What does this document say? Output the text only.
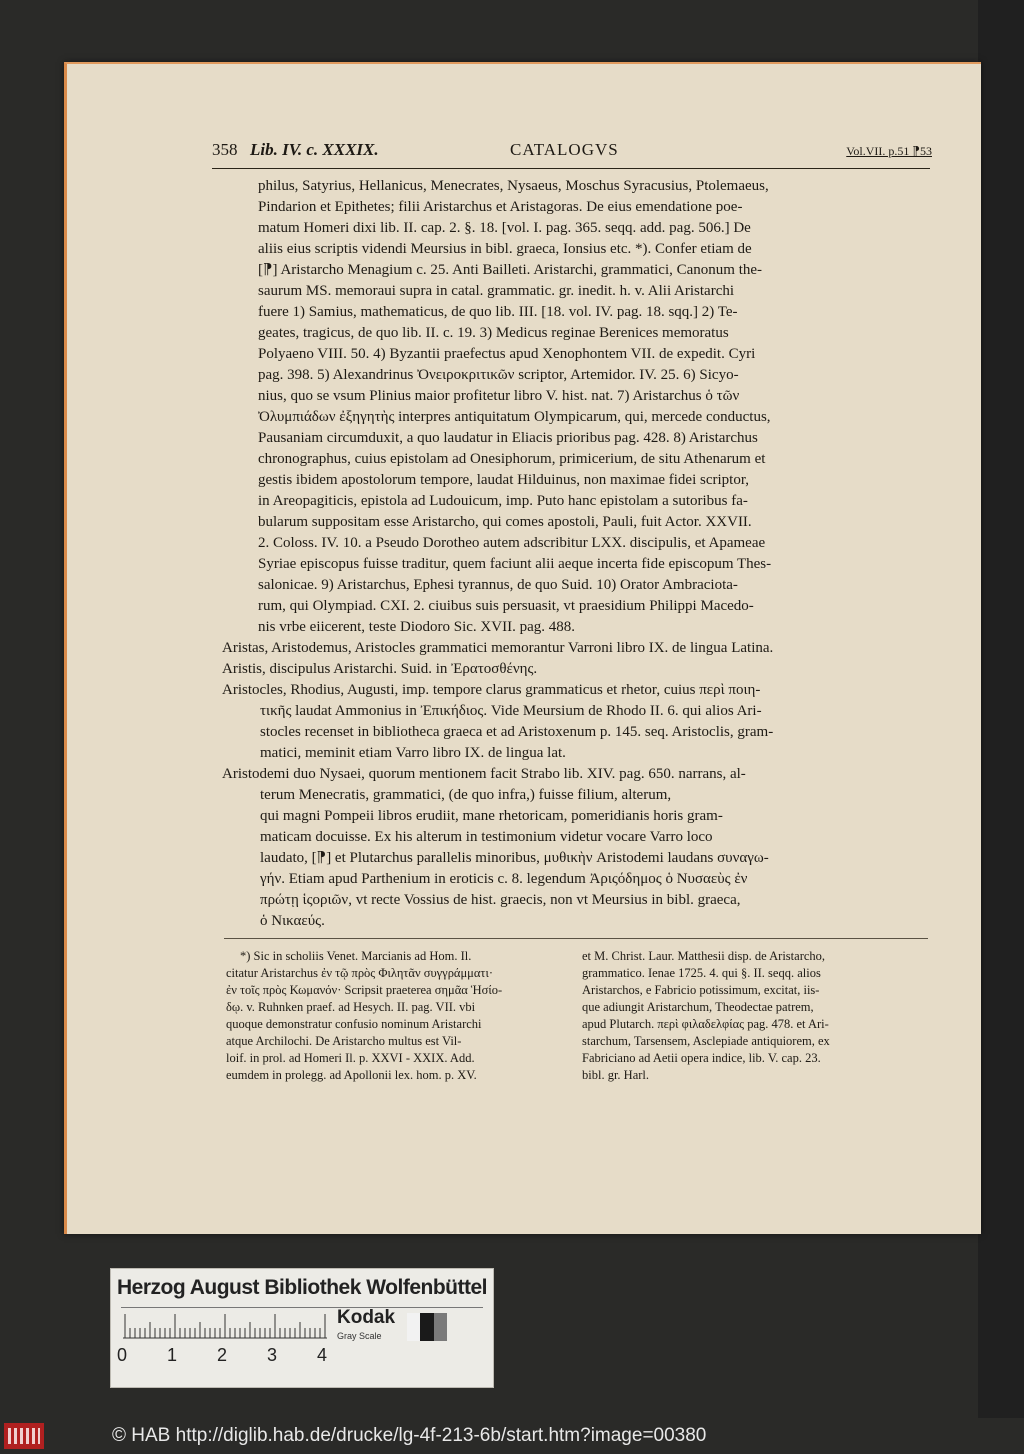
358 Lib. IV. c. XXXIX.	CATALOGVS	Vol.VII. p.51 ⁋53
philus, Satyrius, Hellanicus, Menecrates, Nysaeus, Moschus Syracusius, Ptolemaeus,
Pindarion et Epithetes; filii Aristarchus et Aristagoras. De eius emendatione poe-
matum Homeri dixi lib. II. cap. 2. §. 18. [vol. I. pag. 365. seqq. add. pag. 506.] De
aliis eius scriptis videndi Meursius in bibl. graeca, Ionsius etc. *). Confer etiam de
[⁋] Aristarcho Menagium c. 25. Anti Bailleti. Aristarchi, grammatici, Canonum the-
saurum MS. memoraui supra in catal. grammatic. gr. inedit. h. v. Alii Aristarchi
fuere 1) Samius, mathematicus, de quo lib. III. [18. vol. IV. pag. 18. sqq.] 2) Te-
geates, tragicus, de quo lib. II. c. 19. 3) Medicus reginae Berenices memoratus
Polyaeno VIII. 50. 4) Byzantii praefectus apud Xenophontem VII. de expedit. Cyri
pag. 398. 5) Alexandrinus Ὀνειροκριτικῶν scriptor, Artemidor. IV. 25. 6) Sicyo-
nius, quo se vsum Plinius maior profitetur libro V. hist. nat. 7) Aristarchus ὁ τῶν
Ὀλυμπιάδων ἐξηγητὴς interpres antiquitatum Olympicarum, qui, mercede conductus,
Pausaniam circumduxit, a quo laudatur in Eliacis prioribus pag. 428. 8) Aristarchus
chronographus, cuius epistolam ad Onesiphorum, primicerium, de situ Athenarum et
gestis ibidem apostolorum tempore, laudat Hilduinus, non maximae fidei scriptor,
in Areopagiticis, epistola ad Ludouicum, imp. Puto hanc epistolam a sutoribus fa-
bularum suppositam esse Aristarcho, qui comes apostoli, Pauli, fuit Actor. XXVII.
2. Coloss. IV. 10. a Pseudo Dorotheo autem adscribitur LXX. discipulis, et Apameae
Syriae episcopus fuisse traditur, quem faciunt alii aeque incerta fide episcopum Thes-
salonicae. 9) Aristarchus, Ephesi tyrannus, de quo Suid. 10) Orator Ambraciota-
rum, qui Olympiad. CXI. 2. ciuibus suis persuasit, vt praesidium Philippi Macedo-
nis vrbe eiicerent, teste Diodoro Sic. XVII. pag. 488.
Aristas, Aristodemus, Aristocles grammatici memorantur Varroni libro IX. de lingua Latina.
Aristis, discipulus Aristarchi. Suid. in Ἐρατοσθένης.
Aristocles, Rhodius, Augusti, imp. tempore clarus grammaticus et rhetor, cuius περὶ ποιη-
τικῆς laudat Ammonius in Ἐπικήδιος. Vide Meursium de Rhodo II. 6. qui alios Ari-
stocles recenset in bibliotheca graeca et ad Aristoxenum p. 145. seq. Aristoclis, gram-
matici, meminit etiam Varro libro IX. de lingua lat.
Aristodemi duo Nysaei, quorum mentionem facit Strabo lib. XIV. pag. 650. narrans, al-
terum Menecratis, grammatici, (de quo infra,) fuisse filium, alterum,
qui magni Pompeii libros erudiit, mane rhetoricam, pomeridianis horis gram-
maticam docuisse. Ex his alterum in testimonium videtur vocare Varro loco
laudato, [⁋] et Plutarchus parallelis minoribus, μυθικὴν Aristodemi laudans συναγω-
γήν. Etiam apud Parthenium in eroticis c. 8. legendum Ἀριςόδημος ὁ Νυσαεὺς ἐν
πρώτῃ ἱςοριῶν, vt recte Vossius de hist. graecis, non vt Meursius in bibl. graeca,
ὁ Νικαεύς.
*) Sic in scholiis Venet. Marcianis ad Hom. Il.
citatur Aristarchus ἐν τῷ πρὸς Φιλητᾶν συγγράμματι·
ἐν τοῖς πρὸς Κωμανόν· Scripsit praeterea σημᾶα Ἡσίο-
δῳ. v. Ruhnken praef. ad Hesych. II. pag. VII. vbi
quoque demonstratur confusio nominum Aristarchi
atque Archilochi. De Aristarcho multus est Vil-
loif. in prol. ad Homeri Il. p. XXVI - XXIX. Add.
eumdem in prolegg. ad Apollonii lex. hom. p. XV.
et M. Christ. Laur. Matthesii disp. de Aristarcho,
grammatico. Ienae 1725. 4. qui §. II. seqq. alios
Aristarchos, e Fabricio potissimum, excitat, iis-
que adiungit Aristarchum, Theodectae patrem,
apud Plutarch. περὶ φιλαδελφίας pag. 478. et Ari-
starchum, Tarsensem, Asclepiade antiquiorem, ex
Fabriciano ad Aetii opera indice, lib. V. cap. 23.
bibl. gr. Harl.
Herzog August Bibliothek Wolfenbüttel
Kodak
Gray Scale
0 1 2 3 4
© HAB http://diglib.hab.de/drucke/lg-4f-213-6b/start.htm?image=00380
